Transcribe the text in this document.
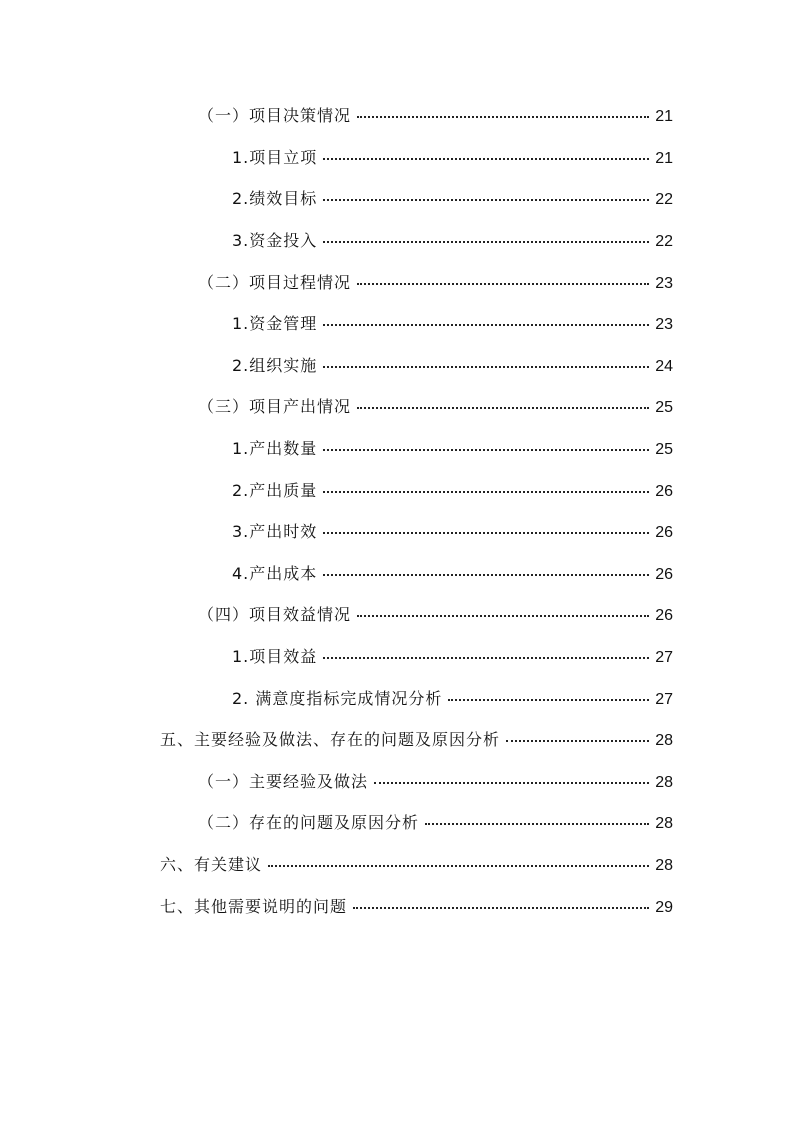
（一）项目决策情况	21
1.项目立项	21
2.绩效目标	22
3.资金投入	22
（二）项目过程情况	23
1.资金管理	23
2.组织实施	24
（三）项目产出情况	25
1.产出数量	25
2.产出质量	26
3.产出时效	26
4.产出成本	26
（四）项目效益情况	26
1.项目效益	27
2. 满意度指标完成情况分析	27
五、主要经验及做法、存在的问题及原因分析	28
（一）主要经验及做法	28
（二）存在的问题及原因分析	28
六、有关建议	28
七、其他需要说明的问题	29
